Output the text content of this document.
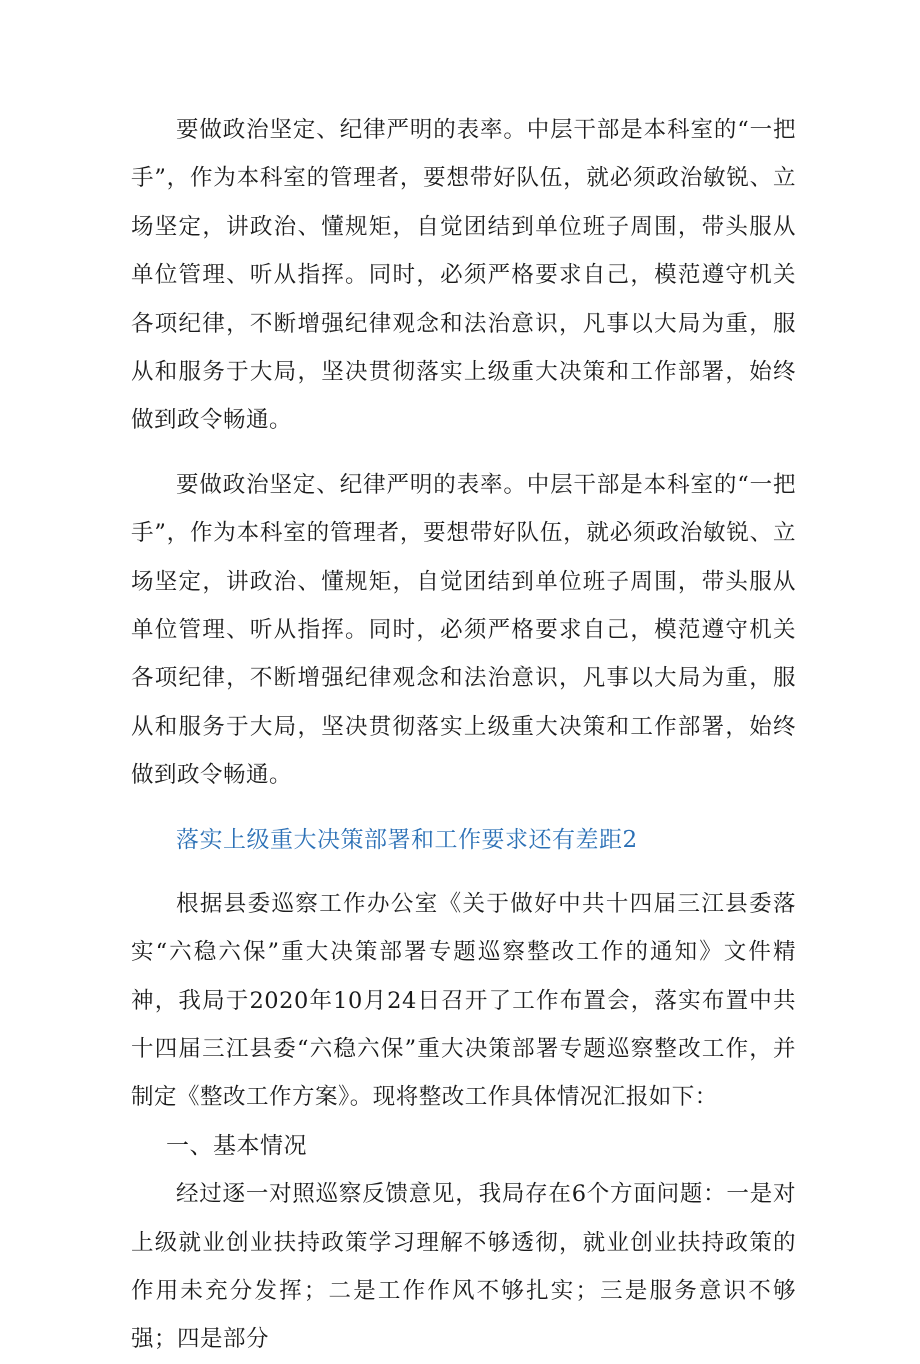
要做政治坚定、纪律严明的表率。中层干部是本科室的“一把手”，作为本科室的管理者，要想带好队伍，就必须政治敏锐、立场坚定，讲政治、懂规矩，自觉团结到单位班子周围，带头服从单位管理、听从指挥。同时，必须严格要求自己，模范遵守机关各项纪律，不断增强纪律观念和法治意识，凡事以大局为重，服从和服务于大局，坚决贯彻落实上级重大决策和工作部署，始终做到政令畅通。

要做政治坚定、纪律严明的表率。中层干部是本科室的“一把手”，作为本科室的管理者，要想带好队伍，就必须政治敏锐、立场坚定，讲政治、懂规矩，自觉团结到单位班子周围，带头服从单位管理、听从指挥。同时，必须严格要求自己，模范遵守机关各项纪律，不断增强纪律观念和法治意识，凡事以大局为重，服从和服务于大局，坚决贯彻落实上级重大决策和工作部署，始终做到政令畅通。

落实上级重大决策部署和工作要求还有差距2

根据县委巡察工作办公室《关于做好中共十四届三江县委落实“六稳六保”重大决策部署专题巡察整改工作的通知》文件精神，我局于2020年10月24日召开了工作布置会，落实布置中共十四届三江县委“六稳六保”重大决策部署专题巡察整改工作，并制定《整改工作方案》。现将整改工作具体情况汇报如下：

一、基本情况

经过逐一对照巡察反馈意见，我局存在6个方面问题：一是对上级就业创业扶持政策学习理解不够透彻，就业创业扶持政策的作用未充分发挥；二是工作作风不够扎实；三是服务意识不够强；四是部分
